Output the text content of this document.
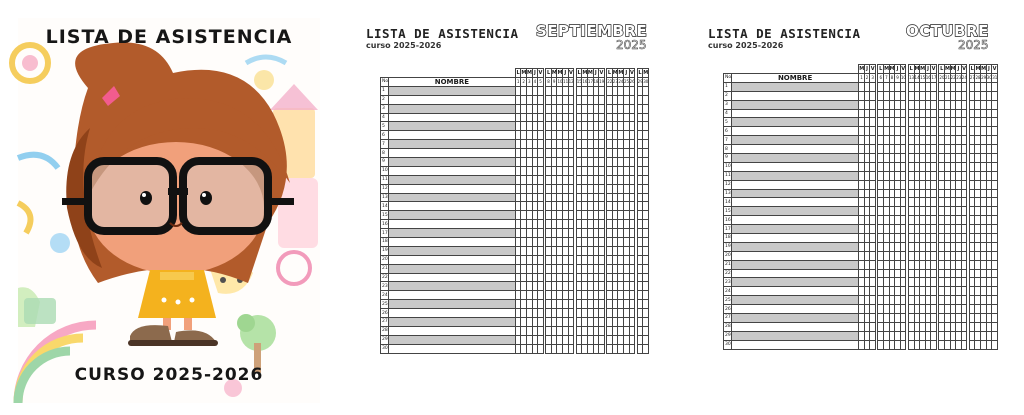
LISTA DE ASISTENCIA
CURSO 2025-2026
LISTA DE ASISTENCIA
curso 2025-2026
SEPTIEMBRE
2025
		L	M	M	J	V		L	M	M	J	V		L	M	M	J	V		L	M	M	J	V		L	M
No.	NOMBRE	1	2	3	4	5		8	9	10	11	12		15	16	17	18	19		22	23	24	25	26		29	30
1																											
2																											
3																											
4																											
5																											
6																											
7																											
8																											
9																											
10																											
11																											
12																											
13																											
14																											
15																											
16																											
17																											
18																											
19																											
20																											
21																											
22																											
23																											
24																											
25																											
26																											
27																											
28																											
29																											
30																											
LISTA DE ASISTENCIA
curso 2025-2026
OCTUBRE
2025
		M	J	V		L	M	M	J	V		L	M	M	J	V		L	M	M	J	V		L	M	M	J	V
No.	NOMBRE	1	2	3		6	7	8	9	10		13	14	15	16	17		20	21	22	23	24		27	28	29	30	31
1																												
2																												
3																												
4																												
5																												
6																												
7																												
8																												
9																												
10																												
11																												
12																												
13																												
14																												
15																												
16																												
17																												
18																												
19																												
20																												
21																												
22																												
23																												
24																												
25																												
26																												
27																												
28																												
29																												
30																												
